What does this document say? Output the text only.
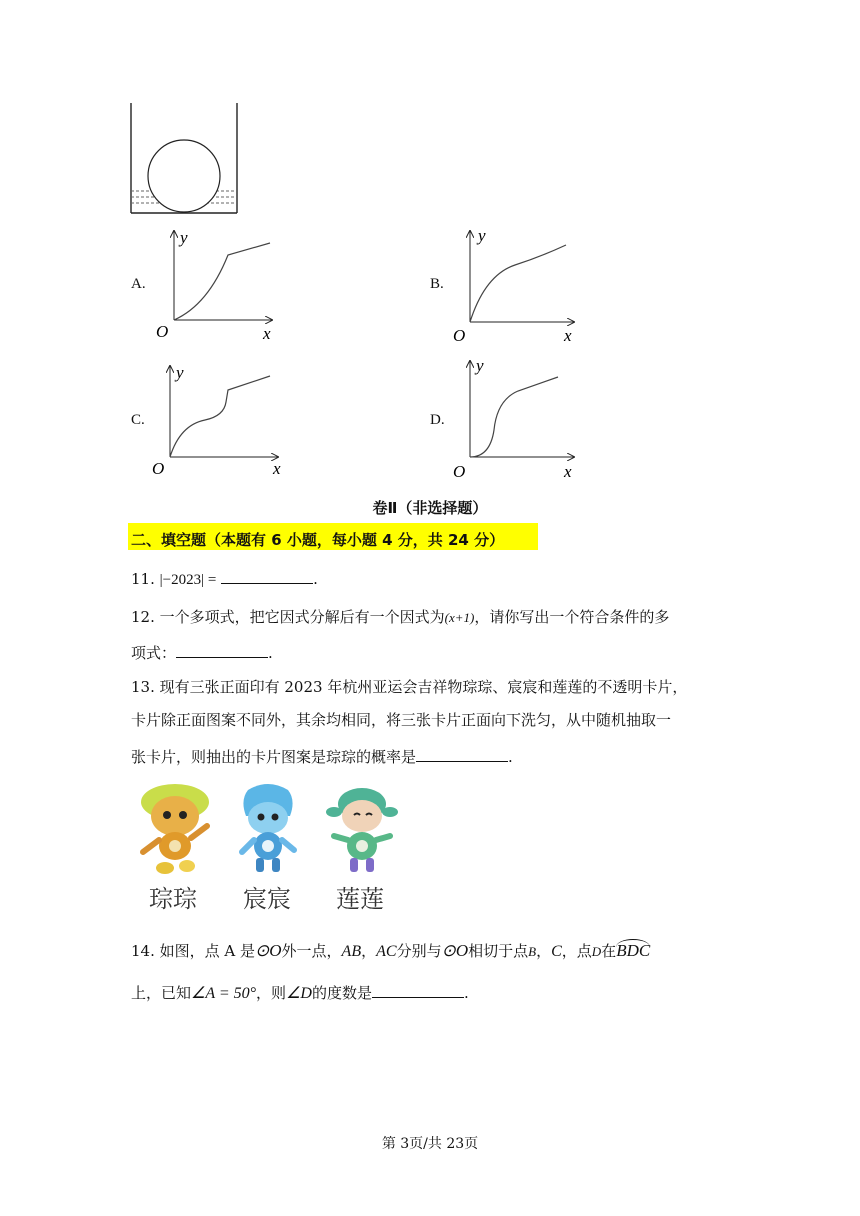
A.
y
O	x
B.
y
O	x
C.
y
O	x
D.
y
O	x
卷Ⅱ（非选择题）
二、填空题（本题有 6 小题，每小题 4 分，共 24 分）
11. |−2023| =	.
12. 一个多项式，把它因式分解后有一个因式为(x+1)，请你写出一个符合条件的多
项式：	.
13. 现有三张正面印有 2023 年杭州亚运会吉祥物琮琮、宸宸和莲莲的不透明卡片，
卡片除正面图案不同外，其余均相同，将三张卡片正面向下洗匀，从中随机抽取一
张卡片，则抽出的卡片图案是琮琮的概率是	.
琮琮 宸宸 莲莲
14. 如图，点 A 是⊙O外一点，AB，AC分别与⊙O相切于点B，C，点D在BDC
上，已知∠A = 50°，则∠D的度数是	.
第 3页/共 23页
